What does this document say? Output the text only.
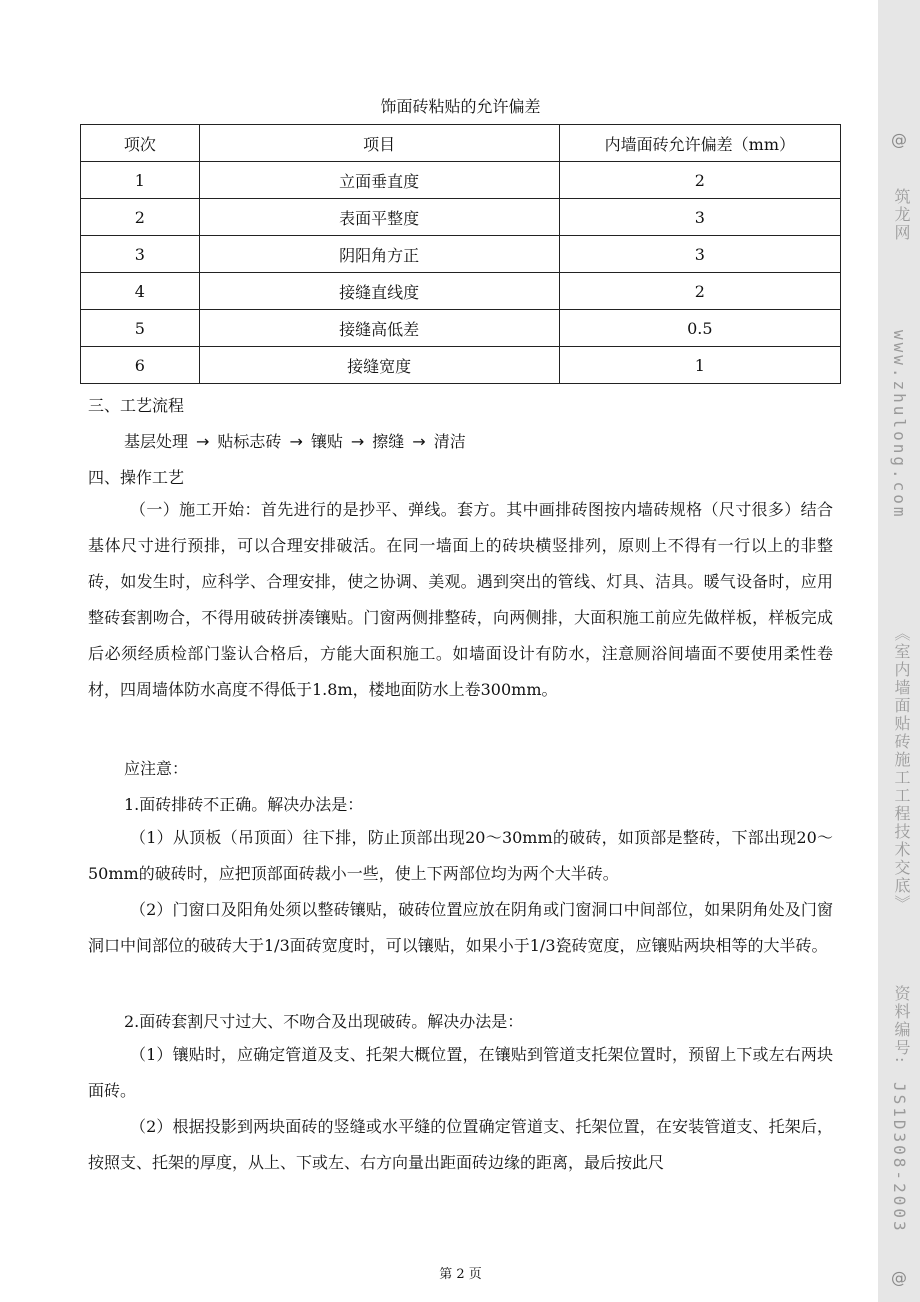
饰面砖粘贴的允许偏差
项次	项目	内墙面砖允许偏差（mm）
1	立面垂直度	2
2	表面平整度	3
3	阴阳角方正	3
4	接缝直线度	2
5	接缝高低差	0.5
6	接缝宽度	1
三、工艺流程
基层处理 → 贴标志砖 → 镶贴 → 擦缝 → 清洁
四、操作工艺
（一）施工开始：首先进行的是抄平、弹线。套方。其中画排砖图按内墙砖规格（尺寸很多）结合基体尺寸进行预排，可以合理安排破活。在同一墙面上的砖块横竖排列，原则上不得有一行以上的非整砖，如发生时，应科学、合理安排，使之协调、美观。遇到突出的管线、灯具、洁具。暖气设备时，应用整砖套割吻合，不得用破砖拼凑镶贴。门窗两侧排整砖，向两侧排，大面积施工前应先做样板，样板完成后必须经质检部门鉴认合格后，方能大面积施工。如墙面设计有防水，注意厕浴间墙面不要使用柔性卷材，四周墙体防水高度不得低于1.8m，楼地面防水上卷300mm。
应注意：
1.面砖排砖不正确。解决办法是：
（1）从顶板（吊顶面）往下排，防止顶部出现20～30mm的破砖，如顶部是整砖，下部出现20～50mm的破砖时，应把顶部面砖裁小一些，使上下两部位均为两个大半砖。
（2）门窗口及阳角处须以整砖镶贴，破砖位置应放在阴角或门窗洞口中间部位，如果阴角处及门窗洞口中间部位的破砖大于1/3面砖宽度时，可以镶贴，如果小于1/3瓷砖宽度，应镶贴两块相等的大半砖。
2.面砖套割尺寸过大、不吻合及出现破砖。解决办法是：
（1）镶贴时，应确定管道及支、托架大概位置，在镶贴到管道支托架位置时，预留上下或左右两块面砖。
（2）根据投影到两块面砖的竖缝或水平缝的位置确定管道支、托架位置，在安装管道支、托架后，按照支、托架的厚度，从上、下或左、右方向量出距面砖边缘的距离，最后按此尺
第 2 页
@
筑龙网
www.zhulong.com
《室内墙面贴砖施工工程技术交底》
资料编号:
JS1D308-2003
@
